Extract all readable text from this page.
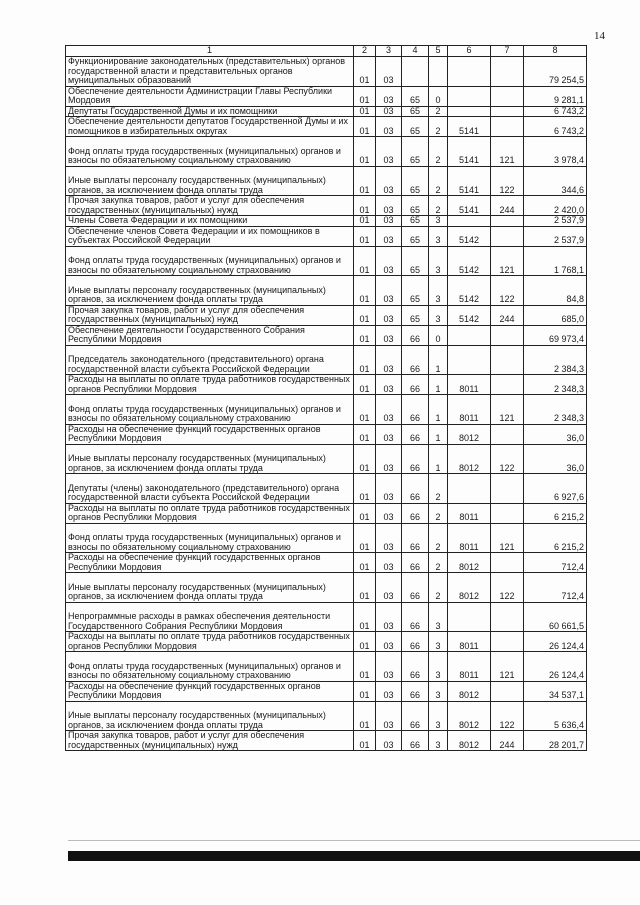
14
1	2	3	4	5	6	7	8
Функционирование законодательных (представительных) органов государственной власти и представительных органов муниципальных образований	01	03					79 254,5
Обеспечение деятельности Администрации Главы Республики Мордовия	01	03	65	0			9 281,1
Депутаты Государственной Думы и их помощники	01	03	65	2			6 743,2
Обеспечение деятельности депутатов Государственной Думы и их помощников в избирательных округах	01	03	65	2	5141		6 743,2
Фонд оплаты труда государственных (муниципальных) органов и взносы по обязательному социальному страхованию	01	03	65	2	5141	121	3 978,4
Иные выплаты персоналу государственных (муниципальных) органов, за исключением фонда оплаты труда	01	03	65	2	5141	122	344,6
Прочая закупка товаров, работ и услуг для обеспечения государственных (муниципальных) нужд	01	03	65	2	5141	244	2 420,0
Члены Совета Федерации и их помощники	01	03	65	3			2 537,9
Обеспечение членов Совета Федерации и их помощников в субъектах Российской Федерации	01	03	65	3	5142		2 537,9
Фонд оплаты труда государственных (муниципальных) органов и взносы по обязательному социальному страхованию	01	03	65	3	5142	121	1 768,1
Иные выплаты персоналу государственных (муниципальных) органов, за исключением фонда оплаты труда	01	03	65	3	5142	122	84,8
Прочая закупка товаров, работ и услуг для обеспечения государственных (муниципальных) нужд	01	03	65	3	5142	244	685,0
Обеспечение деятельности Государственного Собрания Республики Мордовия	01	03	66	0			69 973,4
Председатель законодательного (представительного) органа государственной власти субъекта Российской Федерации	01	03	66	1			2 384,3
Расходы на выплаты по оплате труда работников государственных органов Республики Мордовия	01	03	66	1	8011		2 348,3
Фонд оплаты труда государственных (муниципальных) органов и взносы по обязательному социальному страхованию	01	03	66	1	8011	121	2 348,3
Расходы на обеспечение функций государственных органов Республики Мордовия	01	03	66	1	8012		36,0
Иные выплаты персоналу государственных (муниципальных) органов, за исключением фонда оплаты труда	01	03	66	1	8012	122	36,0
Депутаты (члены) законодательного (представительного) органа государственной власти субъекта Российской Федерации	01	03	66	2			6 927,6
Расходы на выплаты по оплате труда работников государственных органов Республики Мордовия	01	03	66	2	8011		6 215,2
Фонд оплаты труда государственных (муниципальных) органов и взносы по обязательному социальному страхованию	01	03	66	2	8011	121	6 215,2
Расходы на обеспечение функций государственных органов Республики Мордовия	01	03	66	2	8012		712,4
Иные выплаты персоналу государственных (муниципальных) органов, за исключением фонда оплаты труда	01	03	66	2	8012	122	712,4
Непрограммные расходы в рамках обеспечения деятельности Государственного Собрания Республики Мордовия	01	03	66	3			60 661,5
Расходы на выплаты по оплате труда работников государственных органов Республики Мордовия	01	03	66	3	8011		26 124,4
Фонд оплаты труда государственных (муниципальных) органов и взносы по обязательному социальному страхованию	01	03	66	3	8011	121	26 124,4
Расходы на обеспечение функций государственных органов Республики Мордовия	01	03	66	3	8012		34 537,1
Иные выплаты персоналу государственных (муниципальных) органов, за исключением фонда оплаты труда	01	03	66	3	8012	122	5 636,4
Прочая закупка товаров, работ и услуг для обеспечения государственных (муниципальных) нужд	01	03	66	3	8012	244	28 201,7
